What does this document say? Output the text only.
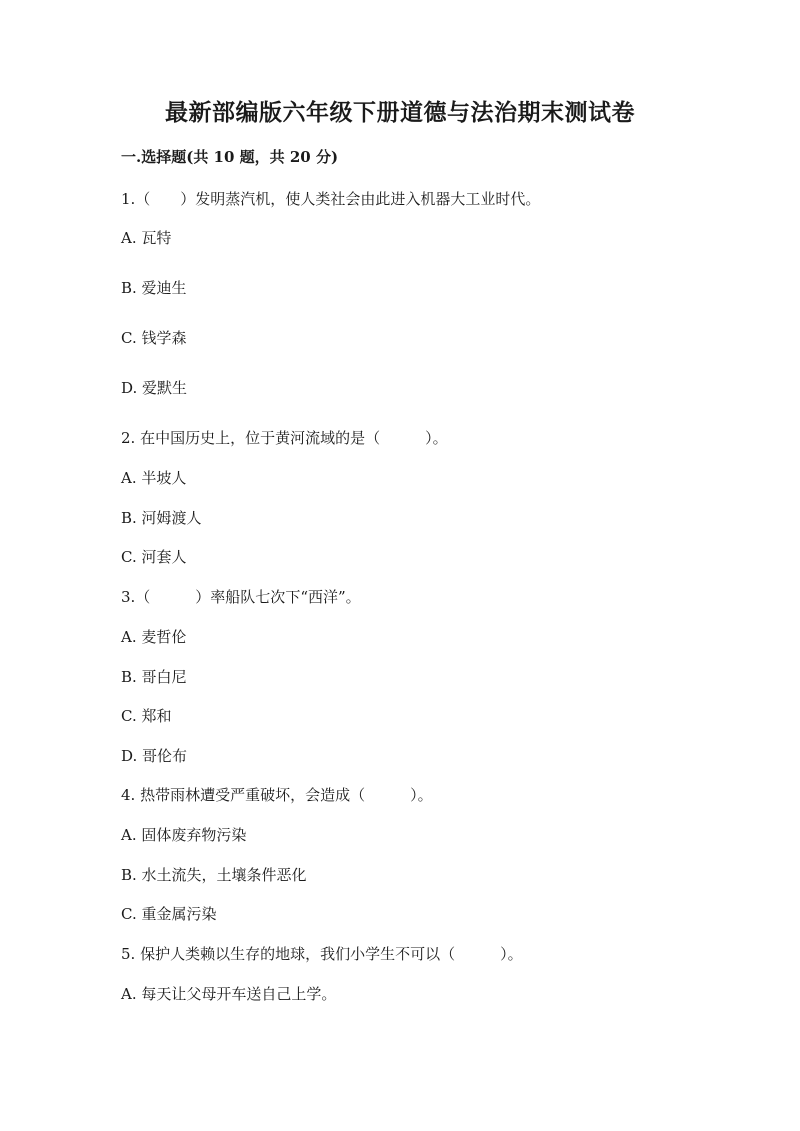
最新部编版六年级下册道德与法治期末测试卷
一.选择题(共 10 题，共 20 分)
1.（　　）发明蒸汽机，使人类社会由此进入机器大工业时代。
A. 瓦特
B. 爱迪生
C. 钱学森
D. 爱默生
2. 在中国历史上，位于黄河流域的是（　　　）。
A. 半坡人
B. 河姆渡人
C. 河套人
3.（　　　）率船队七次下“西洋”。
A. 麦哲伦
B. 哥白尼
C. 郑和
D. 哥伦布
4. 热带雨林遭受严重破坏，会造成（　　　）。
A. 固体废弃物污染
B. 水土流失，土壤条件恶化
C. 重金属污染
5. 保护人类赖以生存的地球，我们小学生不可以（　　　）。
A. 每天让父母开车送自己上学。
